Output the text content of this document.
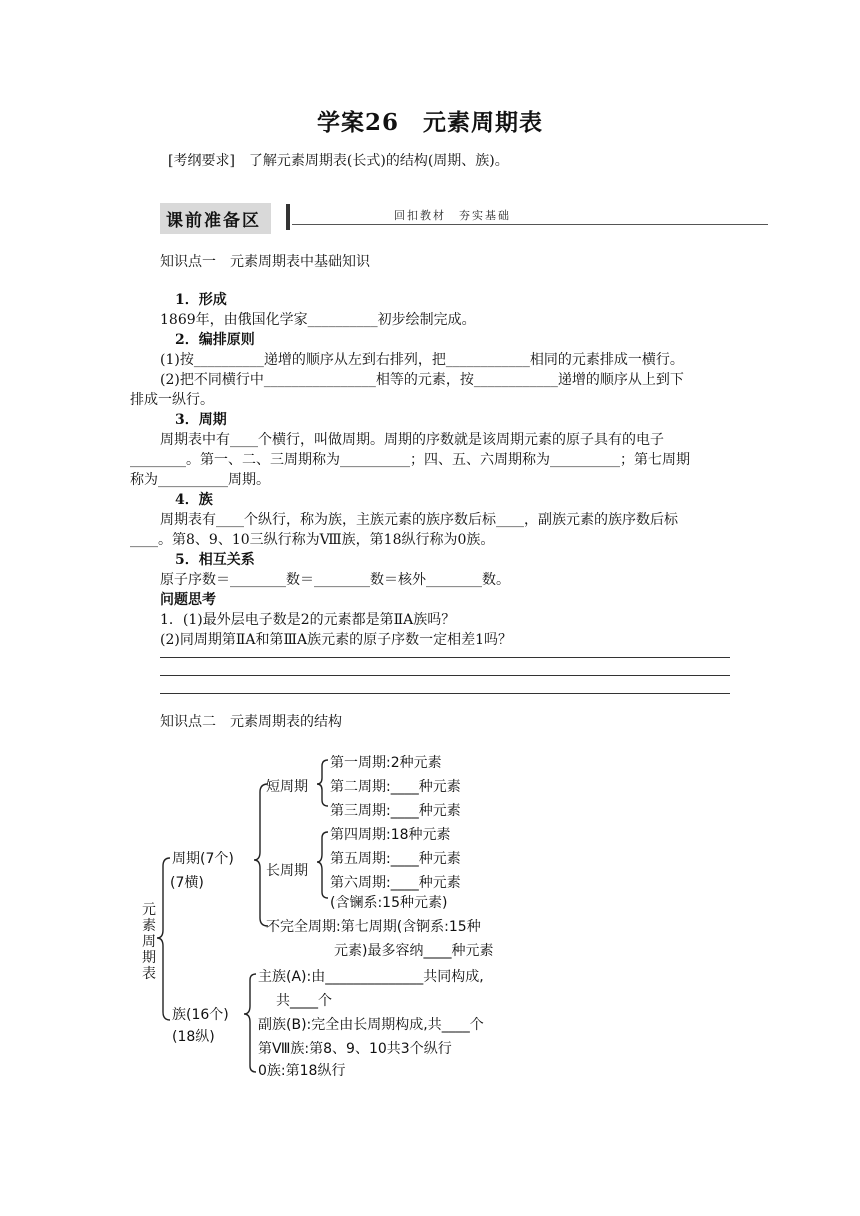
学案26　元素周期表
[考纲要求]　了解元素周期表(长式)的结构(周期、族)。
课前准备区	回扣教材　夯实基础
知识点一　元素周期表中基础知识
1．形成
1869年，由俄国化学家__________初步绘制完成。
2．编排原则
(1)按__________递增的顺序从左到右排列，把____________相同的元素排成一横行。
(2)把不同横行中________________相等的元素，按____________递增的顺序从上到下
排成一纵行。
3．周期
周期表中有____个横行，叫做周期。周期的序数就是该周期元素的原子具有的电子
________。第一、二、三周期称为__________；四、五、六周期称为__________；第七周期
称为__________周期。
4．族
周期表有____个纵行，称为族，主族元素的族序数后标____，副族元素的族序数后标
____。第8、9、10三纵行称为Ⅷ族，第18纵行称为0族。
5．相互关系
原子序数＝________数＝________数＝核外________数。
问题思考
1．(1)最外层电子数是2的元素都是第ⅡA族吗？
(2)同周期第ⅡA和第ⅢA族元素的原子序数一定相差1吗？
知识点二　元素周期表的结构
元素周期表
周期(7个)
(7横)
短周期
第一周期:2种元素
第二周期:____种元素
第三周期:____种元素
长周期
第四周期:18种元素
第五周期:____种元素
第六周期:____种元素
(含镧系:15种元素)
不完全周期:第七周期(含锕系:15种
元素)最多容纳____种元素
族(16个)
(18纵)
主族(A):由______________共同构成,
共____个
副族(B):完全由长周期构成,共____个
第Ⅷ族:第8、9、10共3个纵行
0族:第18纵行
